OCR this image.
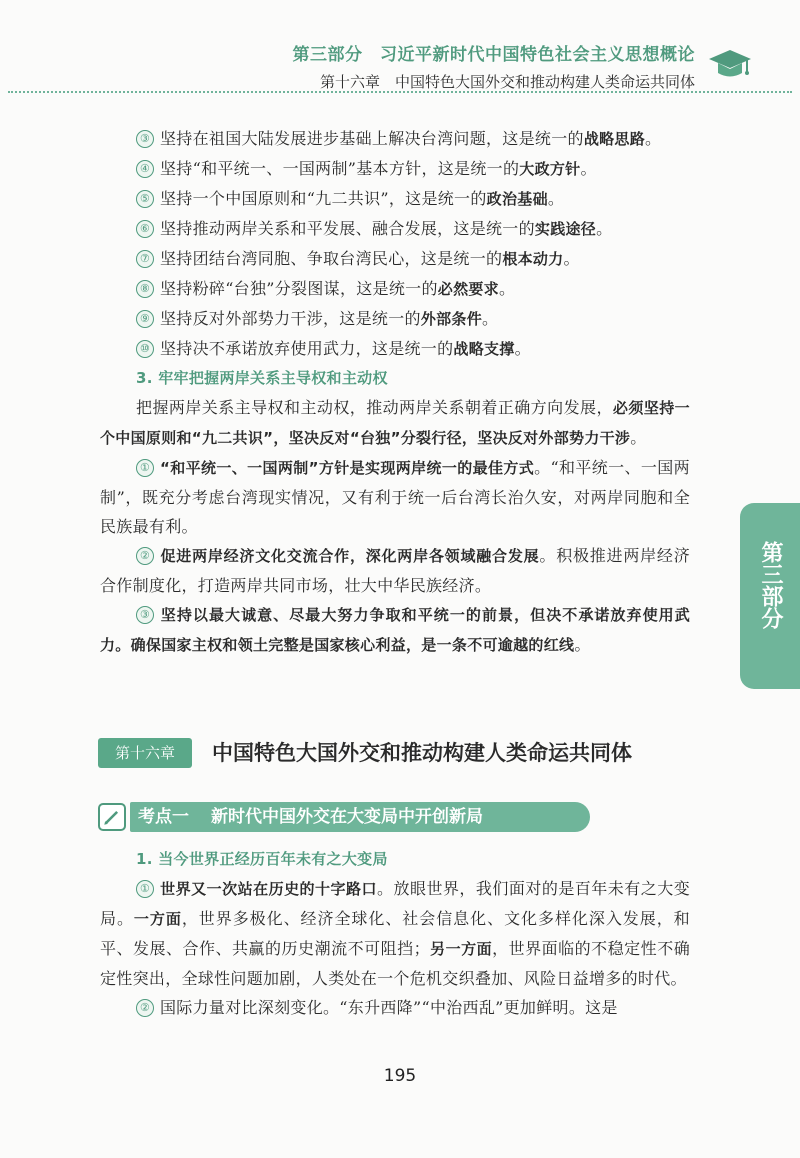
第三部分　习近平新时代中国特色社会主义思想概论
第十六章　中国特色大国外交和推动构建人类命运共同体
第三部分

③ 坚持在祖国大陆发展进步基础上解决台湾问题，这是统一的战略思路。

④ 坚持“和平统一、一国两制”基本方针，这是统一的大政方针。

⑤ 坚持一个中国原则和“九二共识”，这是统一的政治基础。

⑥ 坚持推动两岸关系和平发展、融合发展，这是统一的实践途径。

⑦ 坚持团结台湾同胞、争取台湾民心，这是统一的根本动力。

⑧ 坚持粉碎“台独”分裂图谋，这是统一的必然要求。

⑨ 坚持反对外部势力干涉，这是统一的外部条件。

⑩ 坚持决不承诺放弃使用武力，这是统一的战略支撑。

3. 牢牢把握两岸关系主导权和主动权

把握两岸关系主导权和主动权，推动两岸关系朝着正确方向发展，必须坚持一个中国原则和“九二共识”，坚决反对“台独”分裂行径，坚决反对外部势力干涉。

① “和平统一、一国两制”方针是实现两岸统一的最佳方式。“和平统一、一国两制”，既充分考虑台湾现实情况，又有利于统一后台湾长治久安，对两岸同胞和全民族最有利。

② 促进两岸经济文化交流合作，深化两岸各领域融合发展。积极推进两岸经济合作制度化，打造两岸共同市场，壮大中华民族经济。

③ 坚持以最大诚意、尽最大努力争取和平统一的前景，但决不承诺放弃使用武力。确保国家主权和领土完整是国家核心利益，是一条不可逾越的红线。

第十六章	中国特色大国外交和推动构建人类命运共同体
考点一 新时代中国外交在大变局中开创新局

1. 当今世界正经历百年未有之大变局

① 世界又一次站在历史的十字路口。放眼世界，我们面对的是百年未有之大变局。一方面，世界多极化、经济全球化、社会信息化、文化多样化深入发展，和平、发展、合作、共赢的历史潮流不可阻挡；另一方面，世界面临的不稳定性不确定性突出，全球性问题加剧，人类处在一个危机交织叠加、风险日益增多的时代。

② 国际力量对比深刻变化。“东升西降”“中治西乱”更加鲜明。这是

195
